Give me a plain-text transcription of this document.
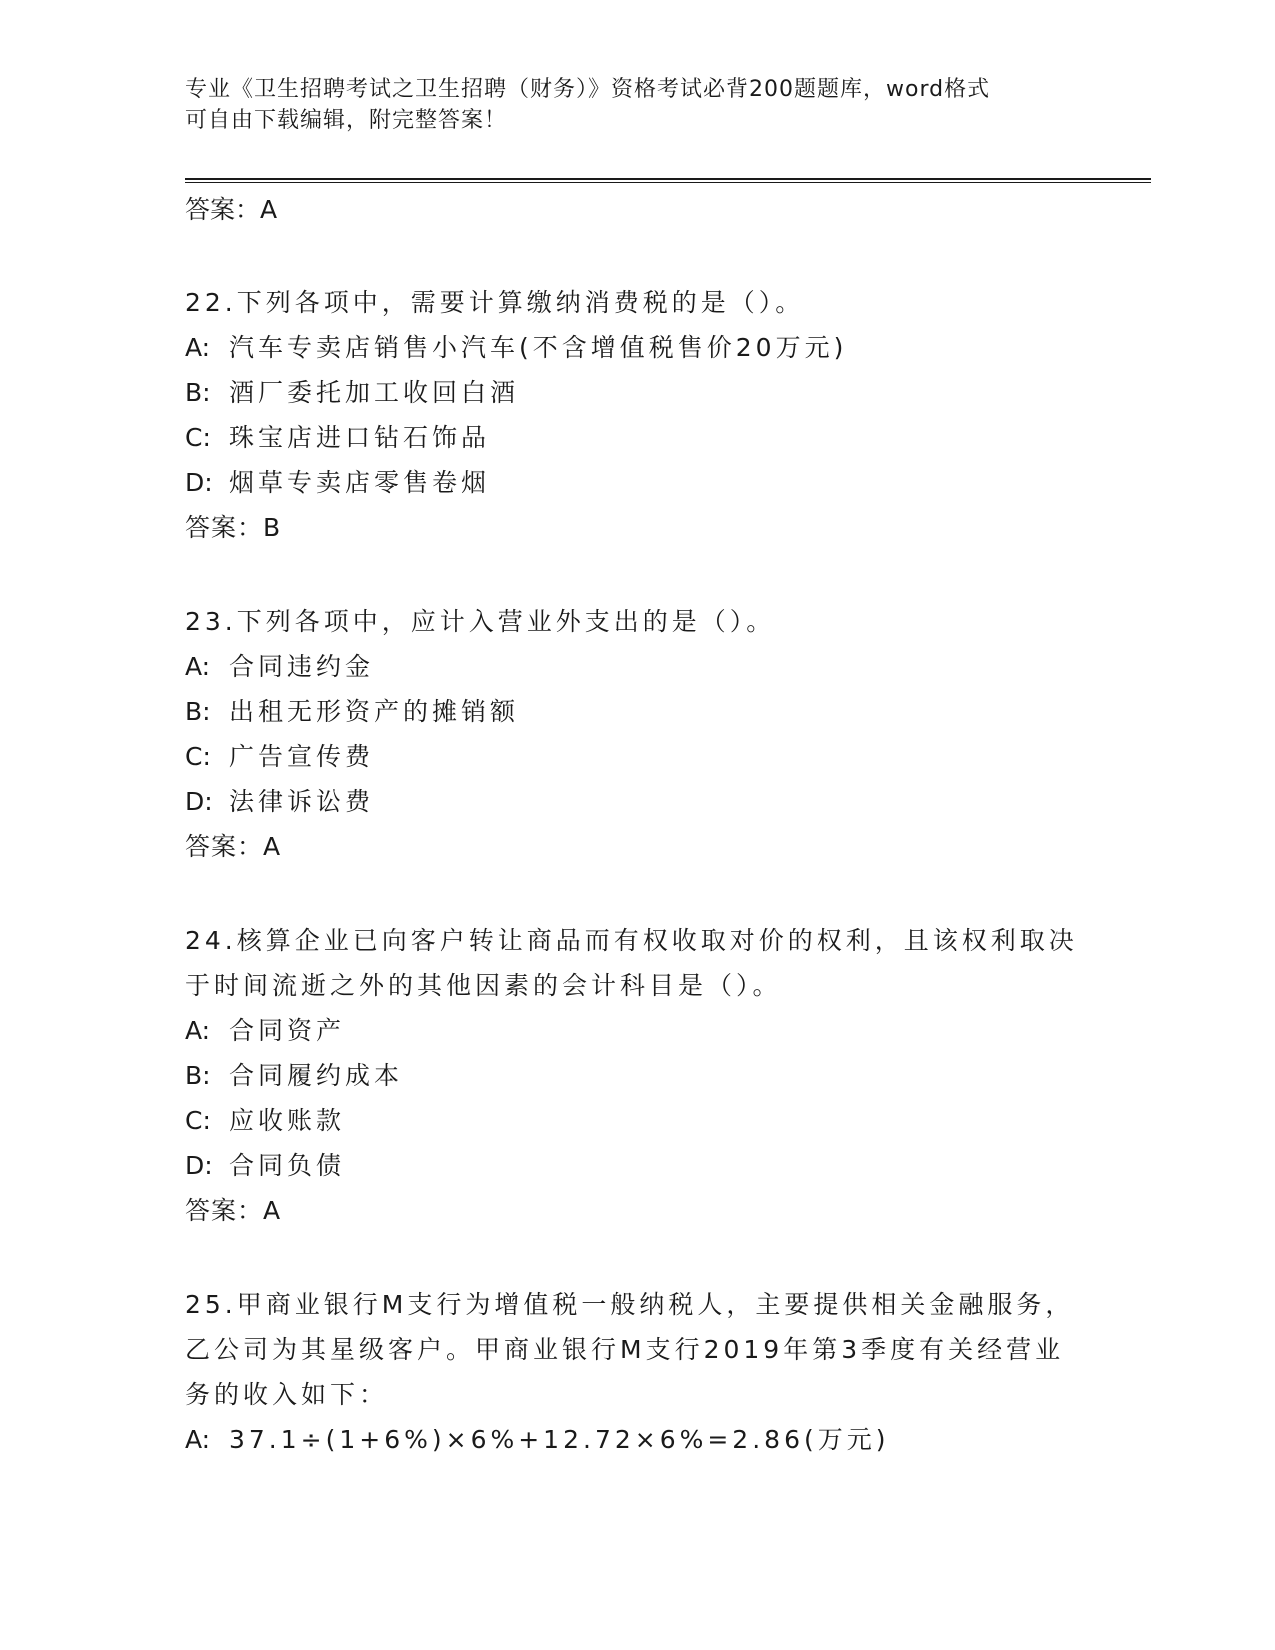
专业《卫生招聘考试之卫生招聘（财务）》资格考试必背200题题库，word格式
可自由下载编辑，附完整答案！
答案：A
22.下列各项中，需要计算缴纳消费税的是（）。
A: 汽车专卖店销售小汽车(不含增值税售价20万元)
B: 酒厂委托加工收回白酒
C: 珠宝店进口钻石饰品
D: 烟草专卖店零售卷烟
答案：B
23.下列各项中，应计入营业外支出的是（）。
A: 合同违约金
B: 出租无形资产的摊销额
C: 广告宣传费
D: 法律诉讼费
答案：A
24.核算企业已向客户转让商品而有权收取对价的权利，且该权利取决
于时间流逝之外的其他因素的会计科目是（）。
A: 合同资产
B: 合同履约成本
C: 应收账款
D: 合同负债
答案：A
25.甲商业银行M支行为增值税一般纳税人，主要提供相关金融服务，
乙公司为其星级客户。甲商业银行M支行2019年第3季度有关经营业
务的收入如下：
A: 37.1÷(1+6%)×6%+12.72×6%=2.86(万元)
